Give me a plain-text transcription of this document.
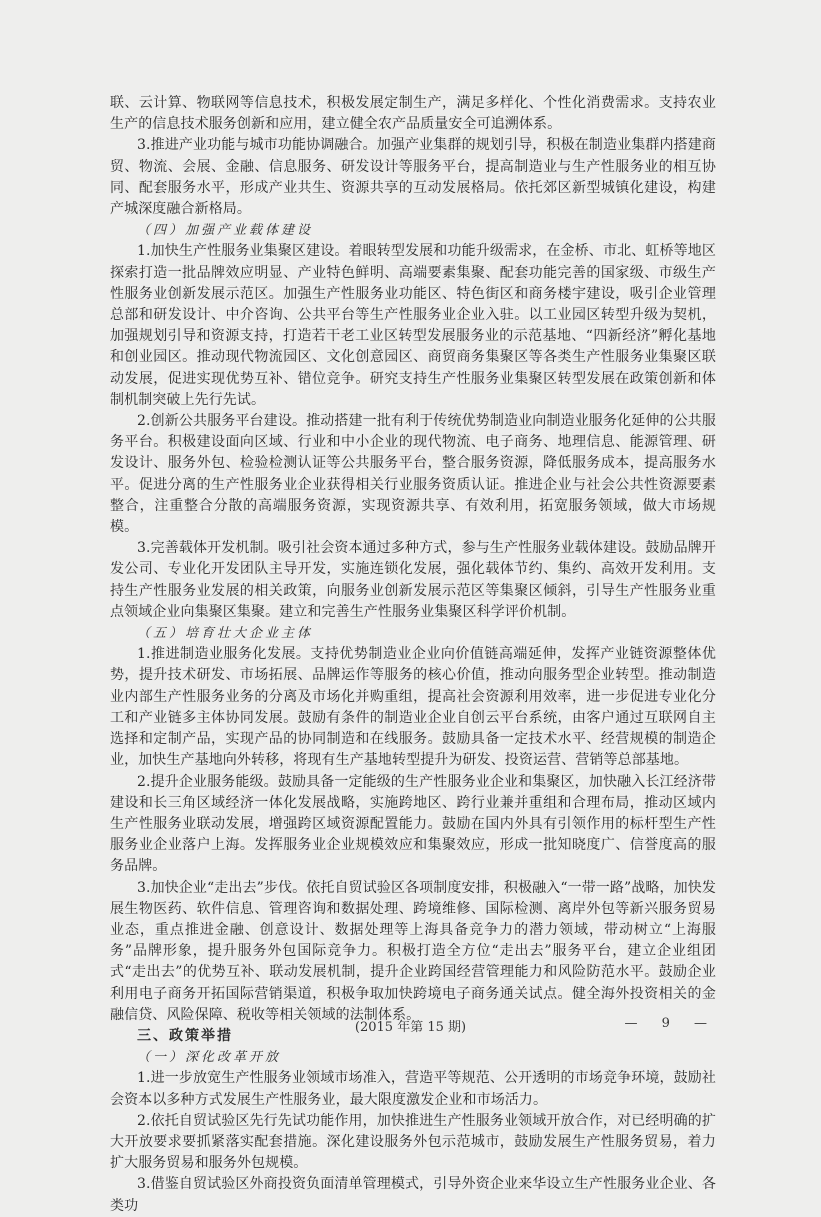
联、云计算、物联网等信息技术，积极发展定制生产，满足多样化、个性化消费需求。支持农业生产的信息技术服务创新和应用，建立健全农产品质量安全可追溯体系。

3.推进产业功能与城市功能协调融合。加强产业集群的规划引导，积极在制造业集群内搭建商贸、物流、会展、金融、信息服务、研发设计等服务平台，提高制造业与生产性服务业的相互协同、配套服务水平，形成产业共生、资源共享的互动发展格局。依托郊区新型城镇化建设，构建产城深度融合新格局。

（四）加强产业载体建设

1.加快生产性服务业集聚区建设。着眼转型发展和功能升级需求，在金桥、市北、虹桥等地区探索打造一批品牌效应明显、产业特色鲜明、高端要素集聚、配套功能完善的国家级、市级生产性服务业创新发展示范区。加强生产性服务业功能区、特色街区和商务楼宇建设，吸引企业管理总部和研发设计、中介咨询、公共平台等生产性服务业企业入驻。以工业园区转型升级为契机，加强规划引导和资源支持，打造若干老工业区转型发展服务业的示范基地、“四新经济”孵化基地和创业园区。推动现代物流园区、文化创意园区、商贸商务集聚区等各类生产性服务业集聚区联动发展，促进实现优势互补、错位竞争。研究支持生产性服务业集聚区转型发展在政策创新和体制机制突破上先行先试。

2.创新公共服务平台建设。推动搭建一批有利于传统优势制造业向制造业服务化延伸的公共服务平台。积极建设面向区域、行业和中小企业的现代物流、电子商务、地理信息、能源管理、研发设计、服务外包、检验检测认证等公共服务平台，整合服务资源，降低服务成本，提高服务水平。促进分离的生产性服务业企业获得相关行业服务资质认证。推进企业与社会公共性资源要素整合，注重整合分散的高端服务资源，实现资源共享、有效利用，拓宽服务领域，做大市场规模。

3.完善载体开发机制。吸引社会资本通过多种方式，参与生产性服务业载体建设。鼓励品牌开发公司、专业化开发团队主导开发，实施连锁化发展，强化载体节约、集约、高效开发利用。支持生产性服务业发展的相关政策，向服务业创新发展示范区等集聚区倾斜，引导生产性服务业重点领域企业向集聚区集聚。建立和完善生产性服务业集聚区科学评价机制。

（五）培育壮大企业主体

1.推进制造业服务化发展。支持优势制造业企业向价值链高端延伸，发挥产业链资源整体优势，提升技术研发、市场拓展、品牌运作等服务的核心价值，推动向服务型企业转型。推动制造业内部生产性服务业务的分离及市场化并购重组，提高社会资源利用效率，进一步促进专业化分工和产业链多主体协同发展。鼓励有条件的制造业企业自创云平台系统，由客户通过互联网自主选择和定制产品，实现产品的协同制造和在线服务。鼓励具备一定技术水平、经营规模的制造企业，加快生产基地向外转移，将现有生产基地转型提升为研发、投资运营、营销等总部基地。

2.提升企业服务能级。鼓励具备一定能级的生产性服务业企业和集聚区，加快融入长江经济带建设和长三角区域经济一体化发展战略，实施跨地区、跨行业兼并重组和合理布局，推动区域内生产性服务业联动发展，增强跨区域资源配置能力。鼓励在国内外具有引领作用的标杆型生产性服务业企业落户上海。发挥服务业企业规模效应和集聚效应，形成一批知晓度广、信誉度高的服务品牌。

3.加快企业“走出去”步伐。依托自贸试验区各项制度安排，积极融入“一带一路”战略，加快发展生物医药、软件信息、管理咨询和数据处理、跨境维修、国际检测、离岸外包等新兴服务贸易业态，重点推进金融、创意设计、数据处理等上海具备竞争力的潜力领域，带动树立“上海服务”品牌形象，提升服务外包国际竞争力。积极打造全方位“走出去”服务平台，建立企业组团式“走出去”的优势互补、联动发展机制，提升企业跨国经营管理能力和风险防范水平。鼓励企业利用电子商务开拓国际营销渠道，积极争取加快跨境电子商务通关试点。健全海外投资相关的金融信贷、风险保障、税收等相关领域的法制体系。

三、政策举措

（一）深化改革开放

1.进一步放宽生产性服务业领域市场准入，营造平等规范、公开透明的市场竞争环境，鼓励社会资本以多种方式发展生产性服务业，最大限度激发企业和市场活力。

2.依托自贸试验区先行先试功能作用，加快推进生产性服务业领域开放合作，对已经明确的扩大开放要求要抓紧落实配套措施。深化建设服务外包示范城市，鼓励发展生产性服务贸易，着力扩大服务贸易和服务外包规模。

3.借鉴自贸试验区外商投资负面清单管理模式，引导外资企业来华设立生产性服务业企业、各类功

(2015 年第 15 期)	— 9 —
